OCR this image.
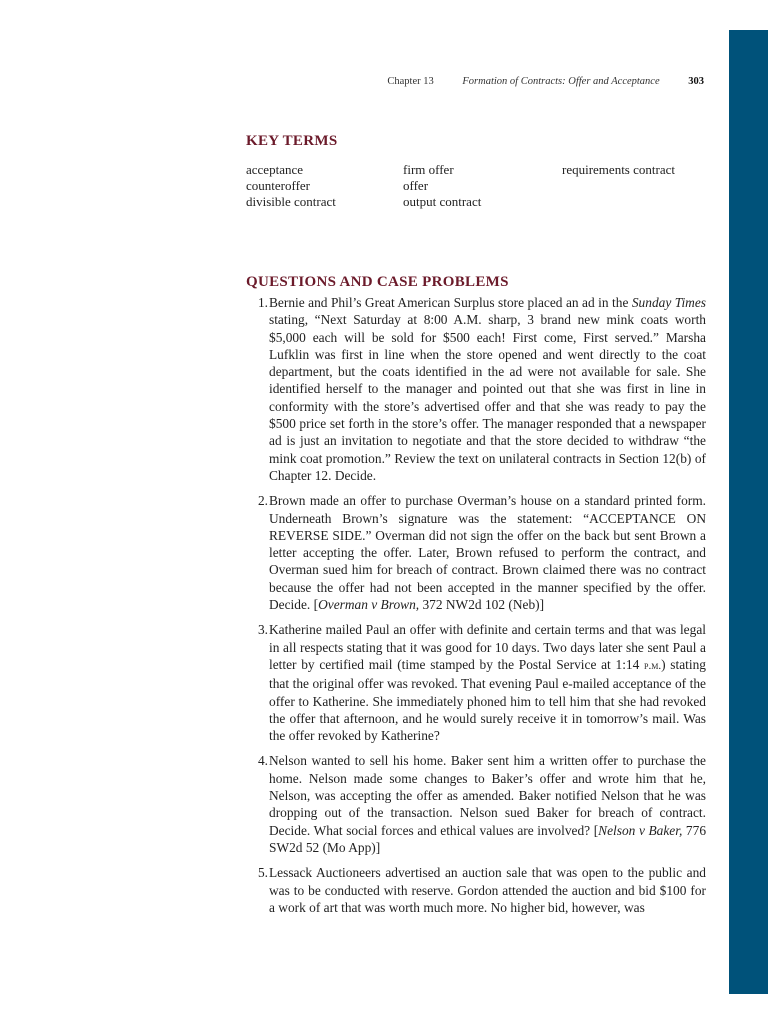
Chapter 13	Formation of Contracts: Offer and Acceptance	303
KEY TERMS
acceptance
counteroffer
divisible contract
firm offer
offer
output contract
requirements contract
QUESTIONS AND CASE PROBLEMS
1. Bernie and Phil’s Great American Surplus store placed an ad in the Sunday Times stating, “Next Saturday at 8:00 A.M. sharp, 3 brand new mink coats worth $5,000 each will be sold for $500 each! First come, First served.” Marsha Lufklin was first in line when the store opened and went directly to the coat department, but the coats identified in the ad were not available for sale. She identified herself to the manager and pointed out that she was first in line in conformity with the store’s advertised offer and that she was ready to pay the $500 price set forth in the store’s offer. The manager responded that a newspaper ad is just an invitation to negotiate and that the store decided to withdraw “the mink coat promotion.” Review the text on unilateral contracts in Section 12(b) of Chapter 12. Decide.
2. Brown made an offer to purchase Overman’s house on a standard printed form. Underneath Brown’s signature was the statement: “ACCEPTANCE ON REVERSE SIDE.” Overman did not sign the offer on the back but sent Brown a letter accepting the offer. Later, Brown refused to perform the contract, and Overman sued him for breach of contract. Brown claimed there was no contract because the offer had not been accepted in the manner specified by the offer. Decide. [Overman v Brown, 372 NW2d 102 (Neb)]
3. Katherine mailed Paul an offer with definite and certain terms and that was legal in all respects stating that it was good for 10 days. Two days later she sent Paul a letter by certified mail (time stamped by the Postal Service at 1:14 p.m.) stating that the original offer was revoked. That evening Paul e-mailed acceptance of the offer to Katherine. She immediately phoned him to tell him that she had revoked the offer that afternoon, and he would surely receive it in tomorrow’s mail. Was the offer revoked by Katherine?
4. Nelson wanted to sell his home. Baker sent him a written offer to purchase the home. Nelson made some changes to Baker’s offer and wrote him that he, Nelson, was accepting the offer as amended. Baker notified Nelson that he was dropping out of the transaction. Nelson sued Baker for breach of contract. Decide. What social forces and ethical values are involved? [Nelson v Baker, 776 SW2d 52 (Mo App)]
5. Lessack Auctioneers advertised an auction sale that was open to the public and was to be conducted with reserve. Gordon attended the auction and bid $100 for a work of art that was worth much more. No higher bid, however, was
